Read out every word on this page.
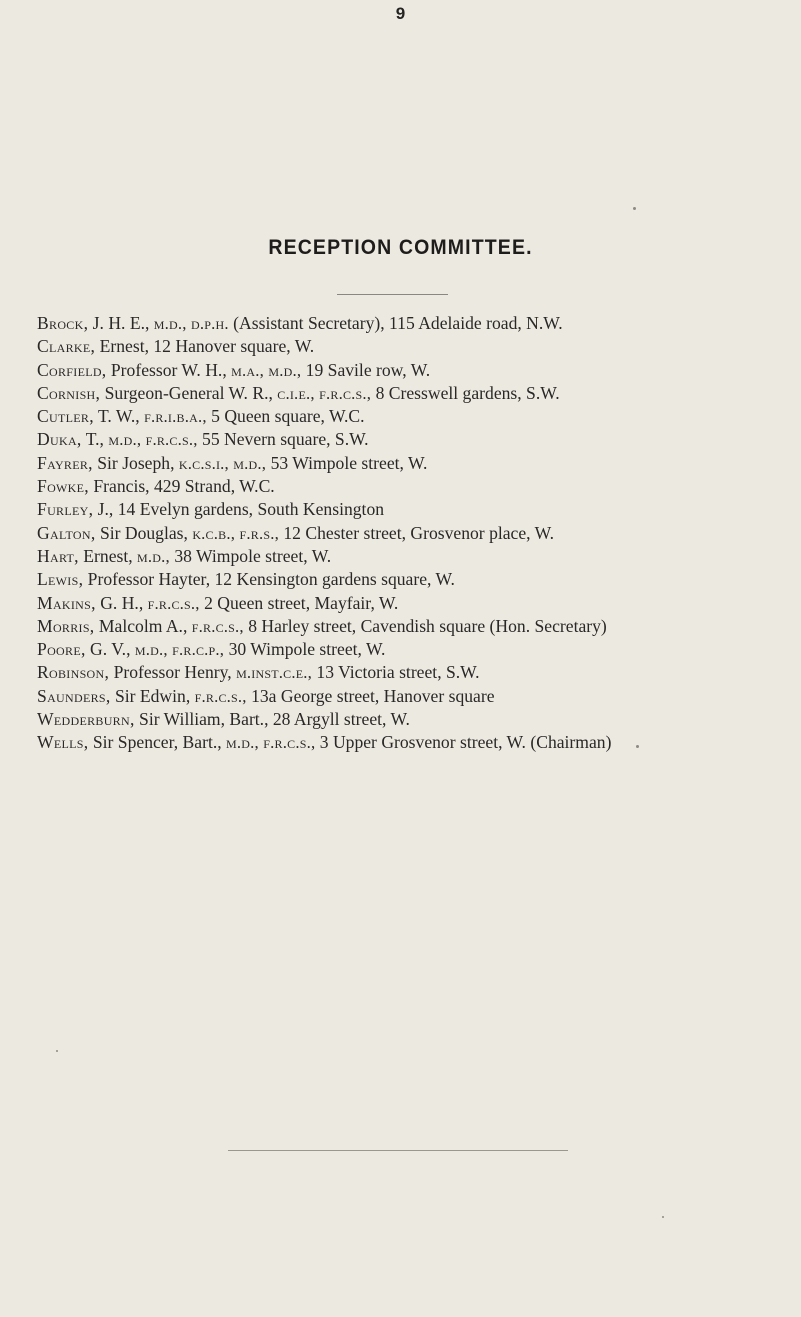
9
RECEPTION COMMITTEE.
Brock, J. H. E., m.d., d.p.h. (Assistant Secretary), 115 Adelaide road, N.W.
Clarke, Ernest, 12 Hanover square, W.
Corfield, Professor W. H., m.a., m.d., 19 Savile row, W.
Cornish, Surgeon-General W. R., c.i.e., f.r.c.s., 8 Cresswell gardens, S.W.
Cutler, T. W., f.r.i.b.a., 5 Queen square, W.C.
Duka, T., m.d., f.r.c.s., 55 Nevern square, S.W.
Fayrer, Sir Joseph, k.c.s.i., m.d., 53 Wimpole street, W.
Fowke, Francis, 429 Strand, W.C.
Furley, J., 14 Evelyn gardens, South Kensington
Galton, Sir Douglas, k.c.b., f.r.s., 12 Chester street, Grosvenor place, W.
Hart, Ernest, m.d., 38 Wimpole street, W.
Lewis, Professor Hayter, 12 Kensington gardens square, W.
Makins, G. H., f.r.c.s., 2 Queen street, Mayfair, W.
Morris, Malcolm A., f.r.c.s., 8 Harley street, Cavendish square (Hon. Secretary)
Poore, G. V., m.d., f.r.c.p., 30 Wimpole street, W.
Robinson, Professor Henry, m.inst.c.e., 13 Victoria street, S.W.
Saunders, Sir Edwin, f.r.c.s., 13a George street, Hanover square
Wedderburn, Sir William, Bart., 28 Argyll street, W.
Wells, Sir Spencer, Bart., m.d., f.r.c.s., 3 Upper Grosvenor street, W. (Chairman)
